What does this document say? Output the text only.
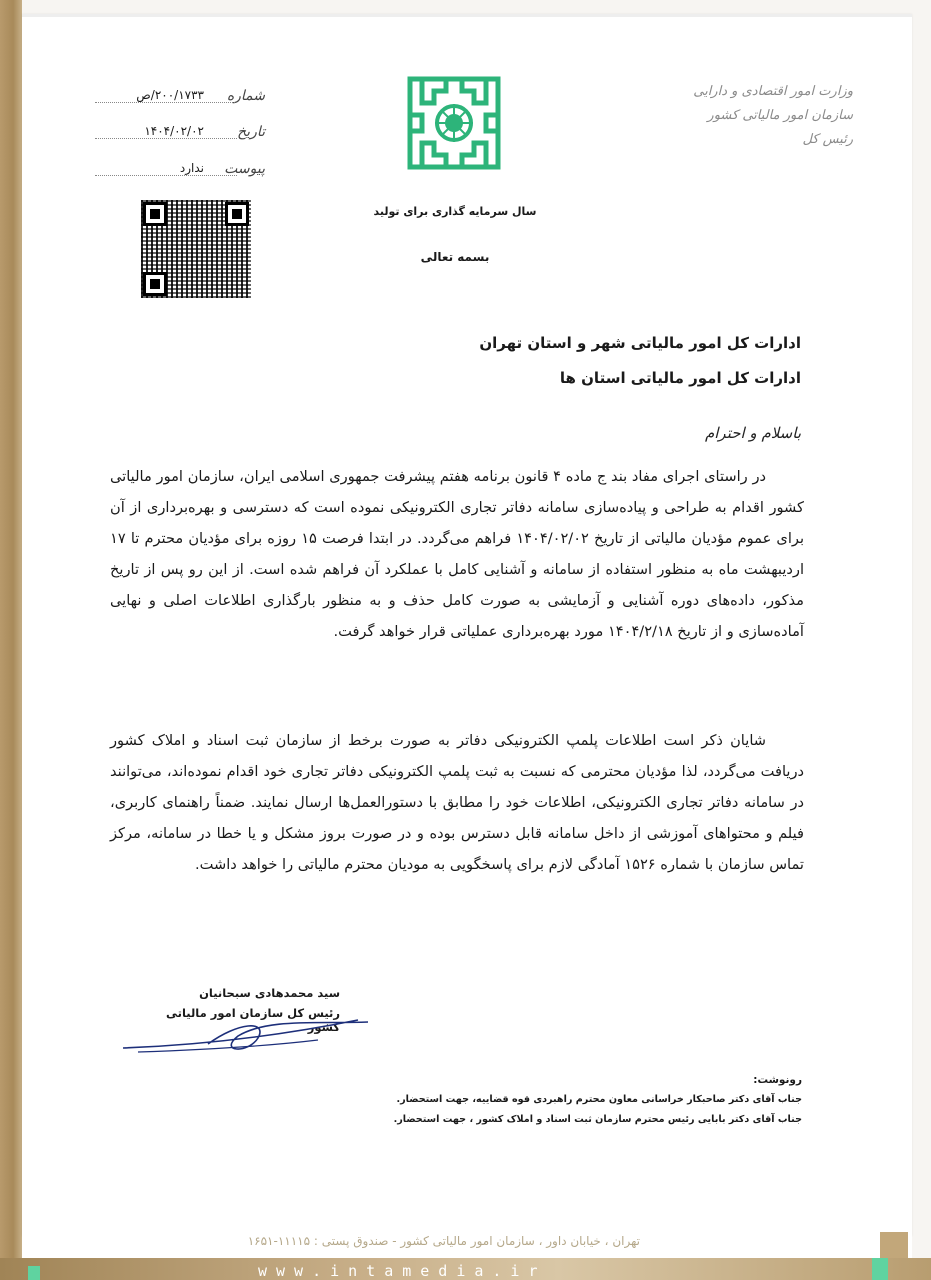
شماره
۲۰۰/۱۷۳۳/ص
تاریخ
۱۴۰۴/۰۲/۰۲
پیوست
ندارد
سال سرمایه گذاری برای تولید
بسمه تعالی
وزارت امور اقتصادی و دارایی
سازمان امور مالیاتی کشور
رئیس کل
ادارات کل امور مالیاتی شهر و استان تهران
ادارات کل امور مالیاتی استان ها
باسلام و احترام
در راستای اجرای مفاد بند ج ماده ۴ قانون برنامه هفتم پیشرفت جمهوری اسلامی ایران، سازمان امور مالیاتی کشور اقدام به طراحی و پیاده‌سازی سامانه دفاتر تجاری الکترونیکی نموده است که دسترسی و بهره‌برداری از آن برای عموم مؤدیان مالیاتی از تاریخ ۱۴۰۴/۰۲/۰۲ فراهم می‌گردد. در ابتدا فرصت ۱۵ روزه برای مؤدیان محترم تا ۱۷ اردیبهشت ماه به منظور استفاده از سامانه و آشنایی کامل با عملکرد آن فراهم شده است. از این رو پس از تاریخ مذکور، داده‌های دوره آشنایی و آزمایشی به صورت کامل حذف و به منظور بارگذاری اطلاعات اصلی و نهایی آماده‌سازی و از تاریخ ۱۴۰۴/۲/۱۸ مورد بهره‌برداری عملیاتی قرار خواهد گرفت.
شایان ذکر است اطلاعات پلمپ الکترونیکی دفاتر به صورت برخط از سازمان ثبت اسناد و املاک کشور دریافت می‌گردد، لذا مؤدیان محترمی که نسبت به ثبت پلمپ الکترونیکی دفاتر تجاری خود اقدام نموده‌اند، می‌توانند در سامانه دفاتر تجاری الکترونیکی، اطلاعات خود را مطابق با دستورالعمل‌ها ارسال نمایند. ضمناً راهنمای کاربری، فیلم و محتواهای آموزشی از داخل سامانه قابل دسترس بوده و در صورت بروز مشکل و یا خطا در سامانه، مرکز تماس سازمان با شماره ۱۵۲۶ آمادگی لازم برای پاسخگویی به مودیان محترم مالیاتی را خواهد داشت.
سید محمدهادی سبحانیان
رئیس کل سازمان امور مالیاتی کشور
رونوشت:
جناب آقای دکتر صاحبکار خراسانی معاون محترم راهبردی قوه قضاییه، جهت استحضار.
جناب آقای دکتر بابایی رئیس محترم سازمان ثبت اسناد و املاک کشور ، جهت استحضار.
تهران ، خیابان داور ، سازمان امور مالیاتی کشور - صندوق پستی : ۱۱۱۱۵-۱۶۵۱
www.intamedia.ir
